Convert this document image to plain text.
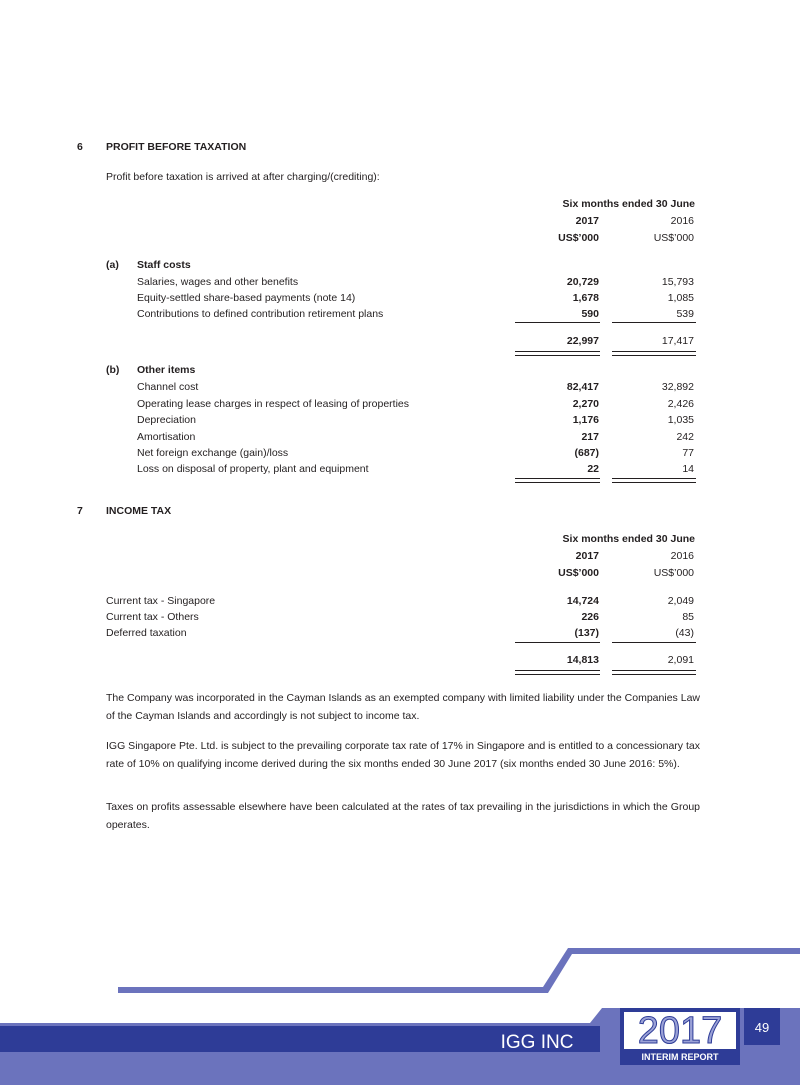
6 PROFIT BEFORE TAXATION
Profit before taxation is arrived at after charging/(crediting):
Six months ended 30 June
2017	2016
US$’000	US$’000
(a) Staff costs
Salaries, wages and other benefits	20,729	15,793
Equity-settled share-based payments (note 14)	1,678	1,085
Contributions to defined contribution retirement plans	590	539
22,997	17,417
(b) Other items
Channel cost	82,417	32,892
Operating lease charges in respect of leasing of properties	2,270	2,426
Depreciation	1,176	1,035
Amortisation	217	242
Net foreign exchange (gain)/loss	(687)	77
Loss on disposal of property, plant and equipment	22	14
7 INCOME TAX
Six months ended 30 June
2017	2016
US$’000	US$’000
Current tax - Singapore	14,724	2,049
Current tax - Others	226	85
Deferred taxation	(137)	(43)
14,813	2,091
The Company was incorporated in the Cayman Islands as an exempted company with limited liability under the Companies Law of the Cayman Islands and accordingly is not subject to income tax.
IGG Singapore Pte. Ltd. is subject to the prevailing corporate tax rate of 17% in Singapore and is entitled to a concessionary tax rate of 10% on qualifying income derived during the six months ended 30 June 2017 (six months ended 30 June 2016: 5%).
Taxes on profits assessable elsewhere have been calculated at the rates of tax prevailing in the jurisdictions in which the Group operates.
IGG INC 2017
INTERIM REPORT
49
